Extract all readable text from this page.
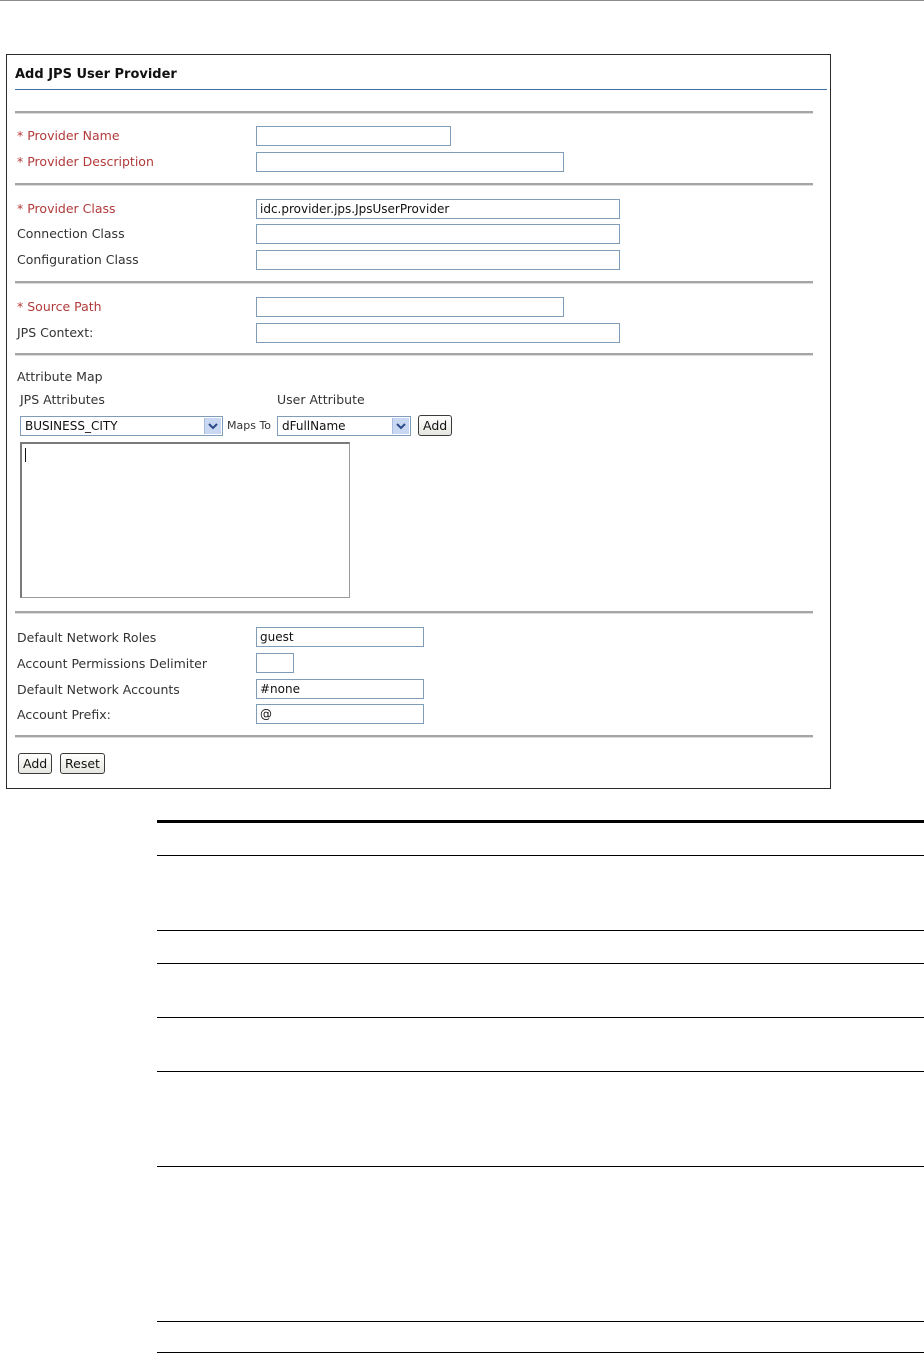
Add JPS User Provider
* Provider Name
* Provider Description
* Provider Class	idc.provider.jps.JpsUserProvider
Connection Class
Configuration Class
* Source Path
JPS Context:
Attribute Map
JPS Attributes	User Attribute
BUSINESS_CITY	Maps To dFullName	Add
Default Network Roles	guest
Account Permissions Delimiter
Default Network Accounts	#none
Account Prefix:	@
Add	Reset
